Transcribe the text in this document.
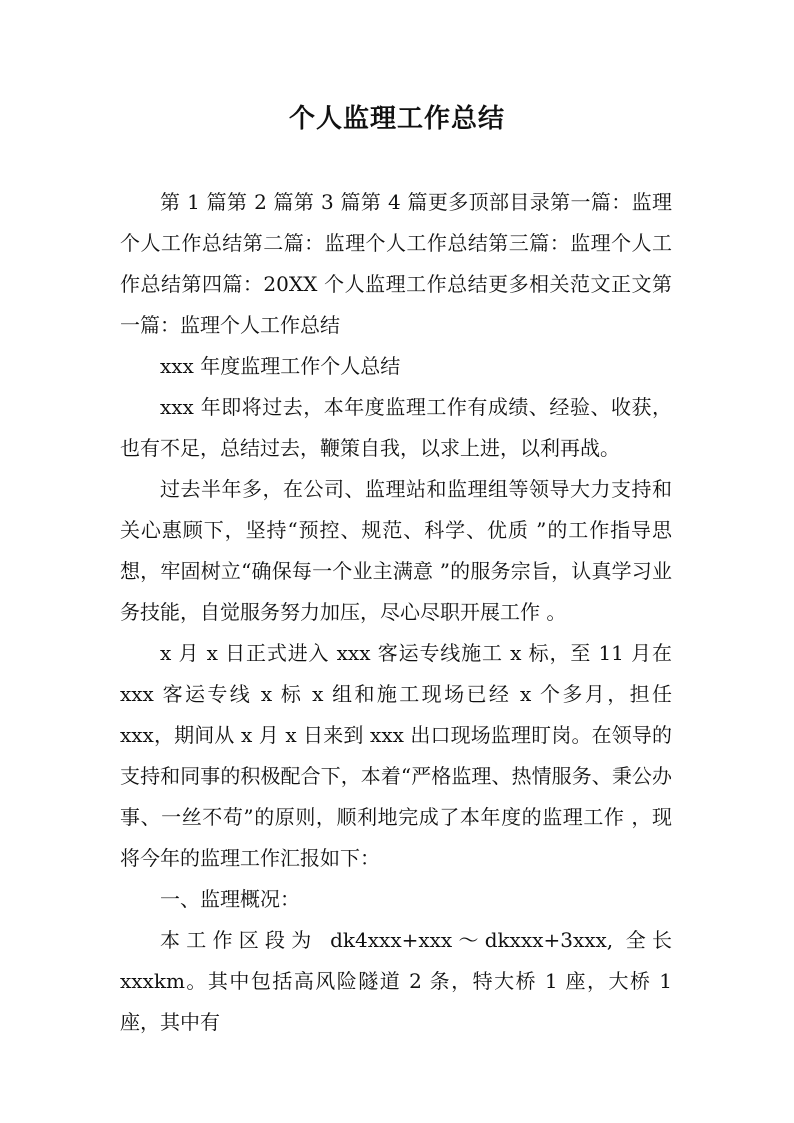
个人监理工作总结

第 1 篇第 2 篇第 3 篇第 4 篇更多顶部目录第一篇：监理个人工作总结第二篇：监理个人工作总结第三篇：监理个人工作总结第四篇：20XX 个人监理工作总结更多相关范文正文第一篇：监理个人工作总结

xxx 年度监理工作个人总结

xxx 年即将过去，本年度监理工作有成绩、经验、收获，也有不足，总结过去，鞭策自我，以求上进，以利再战。

过去半年多，在公司、监理站和监理组等领导大力支持和关心惠顾下，坚持“预控、规范、科学、优质 ”的工作指导思想，牢固树立“确保每一个业主满意 ”的服务宗旨，认真学习业务技能，自觉服务努力加压，尽心尽职开展工作 。

x 月 x 日正式进入 xxx 客运专线施工 x 标，至 11 月在 xxx 客运专线 x 标 x 组和施工现场已经 x 个多月，担任 xxx，期间从 x 月 x 日来到 xxx 出口现场监理盯岗。在领导的支持和同事的积极配合下，本着“严格监理、热情服务、秉公办事、一丝不苟”的原则，顺利地完成了本年度的监理工作 ，现将今年的监理工作汇报如下：

一、监理概况：

本工作区段为 dk4xxx+xxx～dkxxx+3xxx, 全长 xxxkm。其中包括高风险隧道 2 条，特大桥 1 座，大桥 1 座，其中有
